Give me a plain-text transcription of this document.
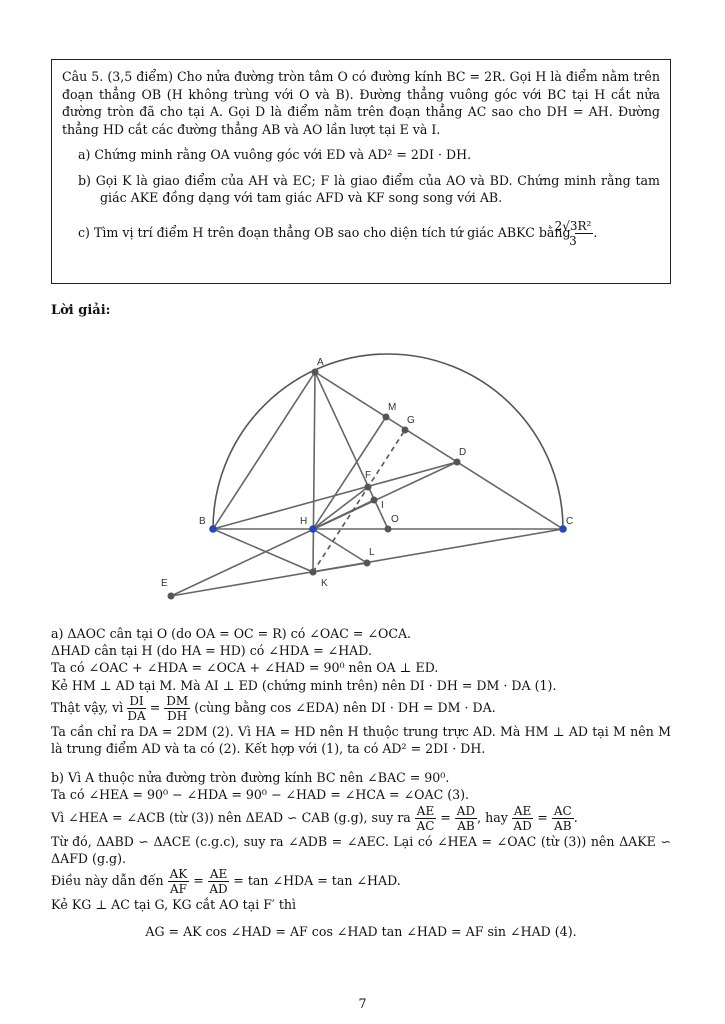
Câu 5. (3,5 điểm) Cho nửa đường tròn tâm O có đường kính BC = 2R. Gọi H là điểm nằm trên đoạn thẳng OB (H không trùng với O và B). Đường thẳng vuông góc với BC tại H cắt nửa đường tròn đã cho tại A. Gọi D là điểm nằm trên đoạn thẳng AC sao cho DH = AH. Đường thẳng HD cắt các đường thẳng AB và AO lần lượt tại E và I.

a) Chứng minh rằng OA vuông góc với ED và AD² = 2DI · DH.
b) Gọi K là giao điểm của AH và EC; F là giao điểm của AO và BD. Chứng minh rằng tam giác AKE đồng dạng với tam giác AFD và KF song song với AB.
c) Tìm vị trí điểm H trên đoạn thẳng OB sao cho diện tích tứ giác ABKC bằng $\frac{\text{2√3R²}}{3}$ .
Lời giải:
A
M
G
D
F
I
B	H	O	C
L
E	K

a) ΔAOC cân tại O (do OA = OC = R) có ∠OAC = ∠OCA.

ΔHAD cân tại H (do HA = HD) có ∠HDA = ∠HAD.

Ta có ∠OAC + ∠HDA = ∠OCA + ∠HAD = 90⁰ nên OA ⊥ ED.

Kẻ HM ⊥ AD tại M. Mà AI ⊥ ED (chứng minh trên) nên DI · DH = DM · DA (1).

Thật vậy, vì $\frac{DI}{DA} = \frac{DM}{DH}$ (cùng bằng cos ∠EDA) nên DI · DH = DM · DA.

Ta cần chỉ ra DA = 2DM (2). Vì HA = HD nên H thuộc trung trực AD. Mà HM ⊥ AD tại M nên M là trung điểm AD và ta có (2). Kết hợp với (1), ta có AD² = 2DI · DH.

b) Vì A thuộc nửa đường tròn đường kính BC nên ∠BAC = 90⁰.

Ta có ∠HEA = 90⁰ − ∠HDA = 90⁰ − ∠HAD = ∠HCA = ∠OAC (3).

Vì ∠HEA = ∠ACB (từ (3)) nên ΔEAD ∽ CAB (g.g), suy ra $\frac{AE}{AC} = \frac{AD}{AB}$ , hay $\frac{AE}{AD} = \frac{AC}{AB}$ .

Từ đó, ΔABD ∽ ΔACE (c.g.c), suy ra ∠ADB = ∠AEC. Lại có ∠HEA = ∠OAC (từ (3)) nên ΔAKE ∽ ΔAFD (g.g).

Điều này dẫn đến $\frac{AK}{AF} = \frac{AE}{AD} = \tan$ ∠HDA = tan ∠HAD.

Kẻ KG ⊥ AC tại G, KG cắt AO tại F′ thì

AG = AK cos ∠HAD = AF cos ∠HAD tan ∠HAD = AF sin ∠HAD (4).

7
